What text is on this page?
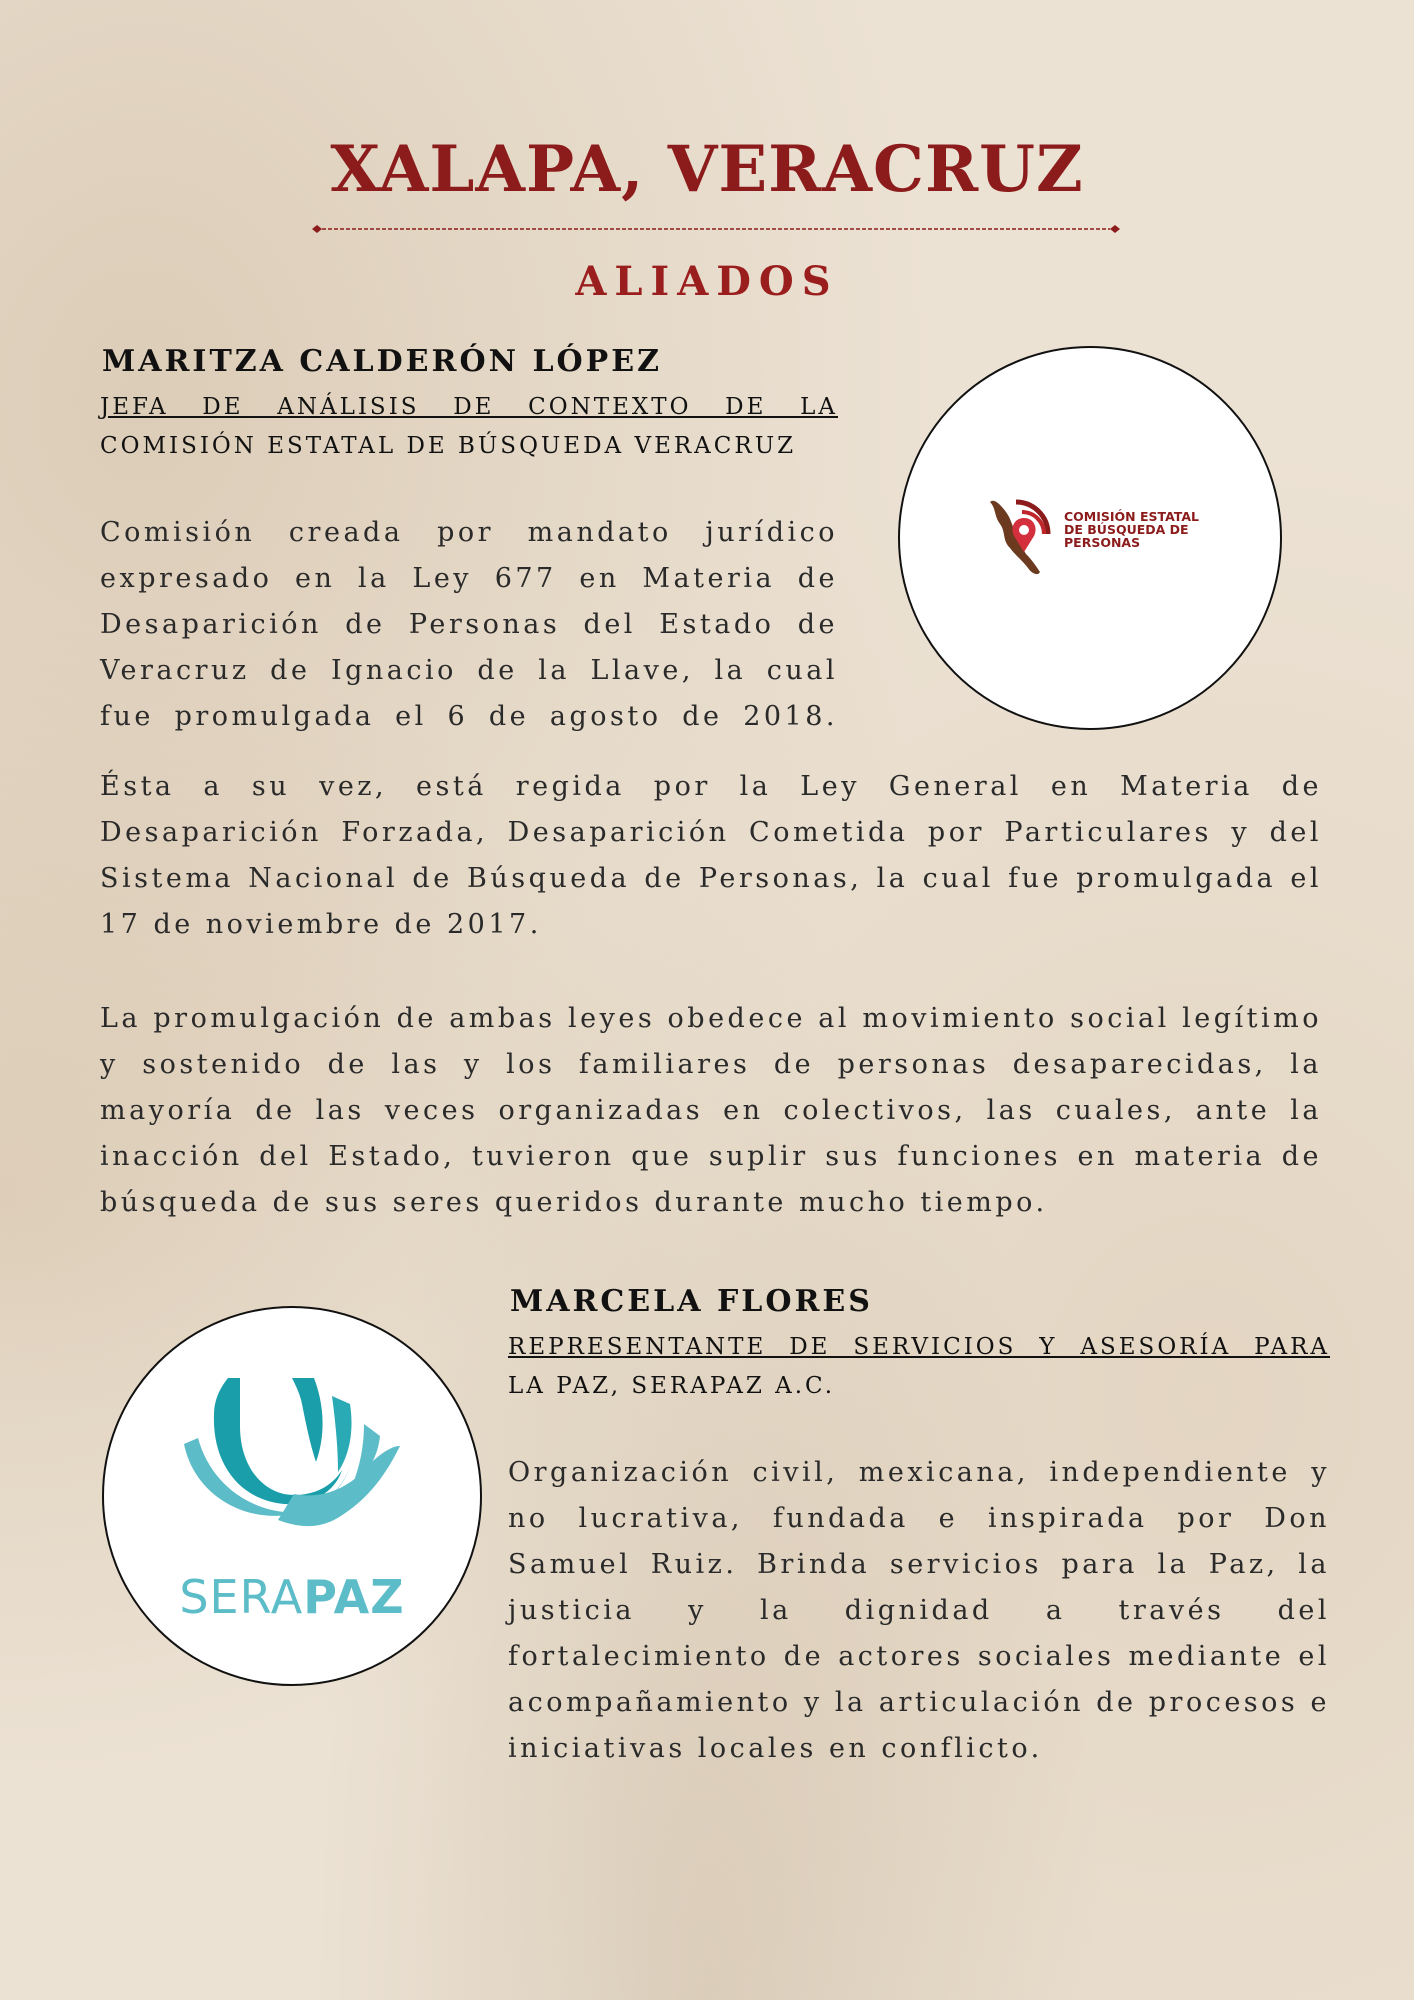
XALAPA, VERACRUZ
ALIADOS
MARITZA CALDERÓN LÓPEZ
JEFA DE ANÁLISIS DE CONTEXTO DE LA
COMISIÓN ESTATAL DE BÚSQUEDA VERACRUZ
Comisión creada por mandato jurídico expresado en la Ley 677 en Materia de Desaparición de Personas del Estado de Veracruz de Ignacio de la Llave, la cual fue promulgada el 6 de agosto de 2018.
COMISIÓN ESTATAL
DE BÚSQUEDA DE
PERSONAS
Ésta a su vez, está regida por la Ley General en Materia de Desaparición Forzada, Desaparición Cometida por Particulares y del Sistema Nacional de Búsqueda de Personas, la cual fue promulgada el 17 de noviembre de 2017.
La promulgación de ambas leyes obedece al movimiento social legítimo y sostenido de las y los familiares de personas desaparecidas, la mayoría de las veces organizadas en colectivos, las cuales, ante la inacción del Estado, tuvieron que suplir sus funciones en materia de búsqueda de sus seres queridos durante mucho tiempo.
MARCELA FLORES
REPRESENTANTE DE SERVICIOS Y ASESORÍA PARA
LA PAZ, SERAPAZ A.C.
Organización civil, mexicana, independiente y no lucrativa, fundada e inspirada por Don Samuel Ruiz. Brinda servicios para la Paz, la justicia y la dignidad a través del fortalecimiento de actores sociales mediante el acompañamiento y la articulación de procesos e iniciativas locales en conflicto.
SERAPAZ
